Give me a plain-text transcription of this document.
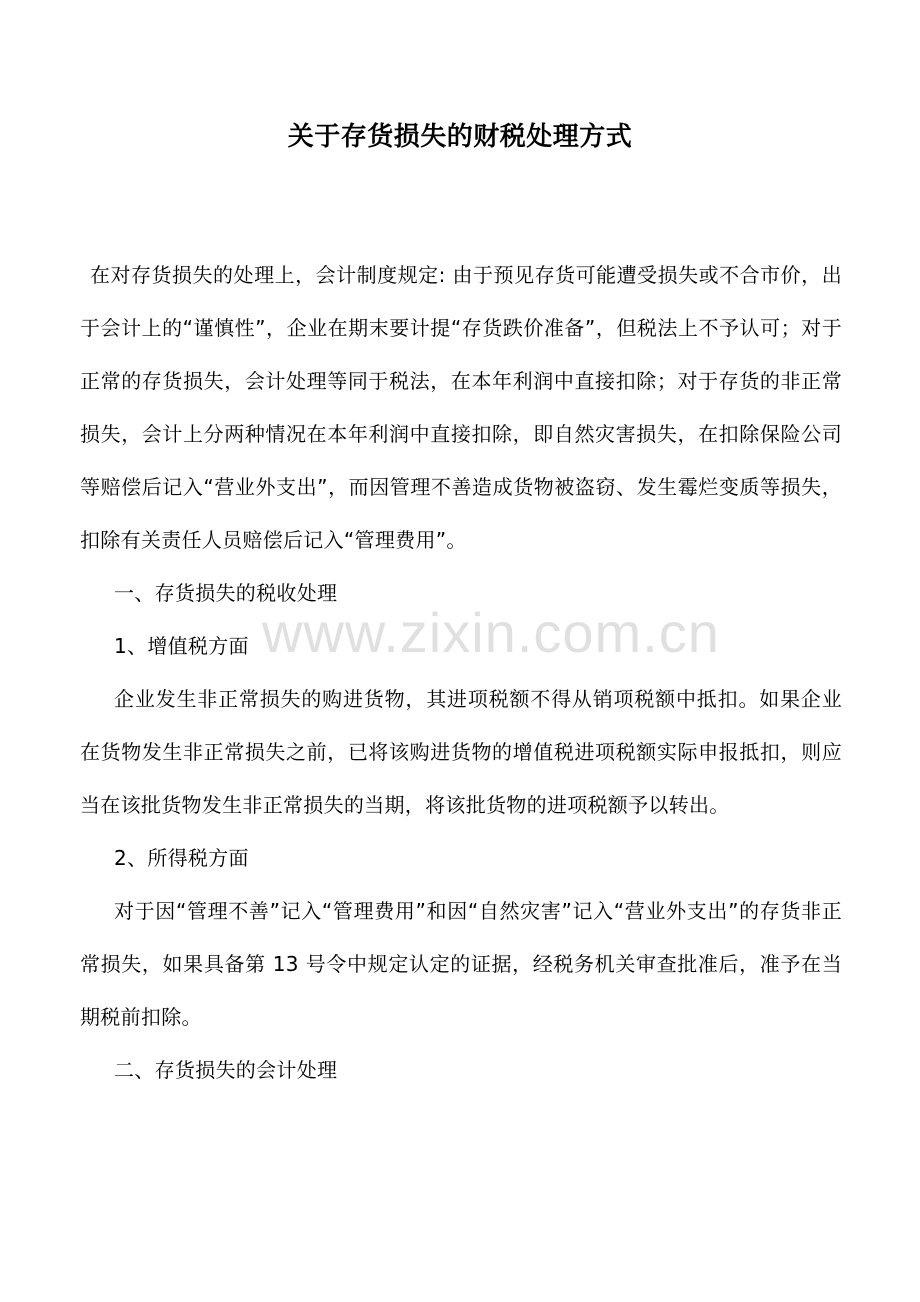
关于存货损失的财税处理方式

在对存货损失的处理上，会计制度规定: 由于预见存货可能遭受损失或不合市价，出于会计上的“谨慎性”，企业在期末要计提“存货跌价准备”，但税法上不予认可；对于正常的存货损失，会计处理等同于税法，在本年利润中直接扣除；对于存货的非正常损失，会计上分两种情况在本年利润中直接扣除，即自然灾害损失，在扣除保险公司等赔偿后记入“营业外支出”，而因管理不善造成货物被盗窃、发生霉烂变质等损失，扣除有关责任人员赔偿后记入“管理费用”。

一、存货损失的税收处理

1、增值税方面

企业发生非正常损失的购进货物，其进项税额不得从销项税额中抵扣。如果企业在货物发生非正常损失之前，已将该购进货物的增值税进项税额实际申报抵扣，则应当在该批货物发生非正常损失的当期，将该批货物的进项税额予以转出。

2、所得税方面

对于因“管理不善”记入“管理费用”和因“自然灾害”记入“营业外支出”的存货非正常损失，如果具备第 13 号令中规定认定的证据，经税务机关审查批准后，准予在当期税前扣除。

二、存货损失的会计处理

www.zixin.com.cn
